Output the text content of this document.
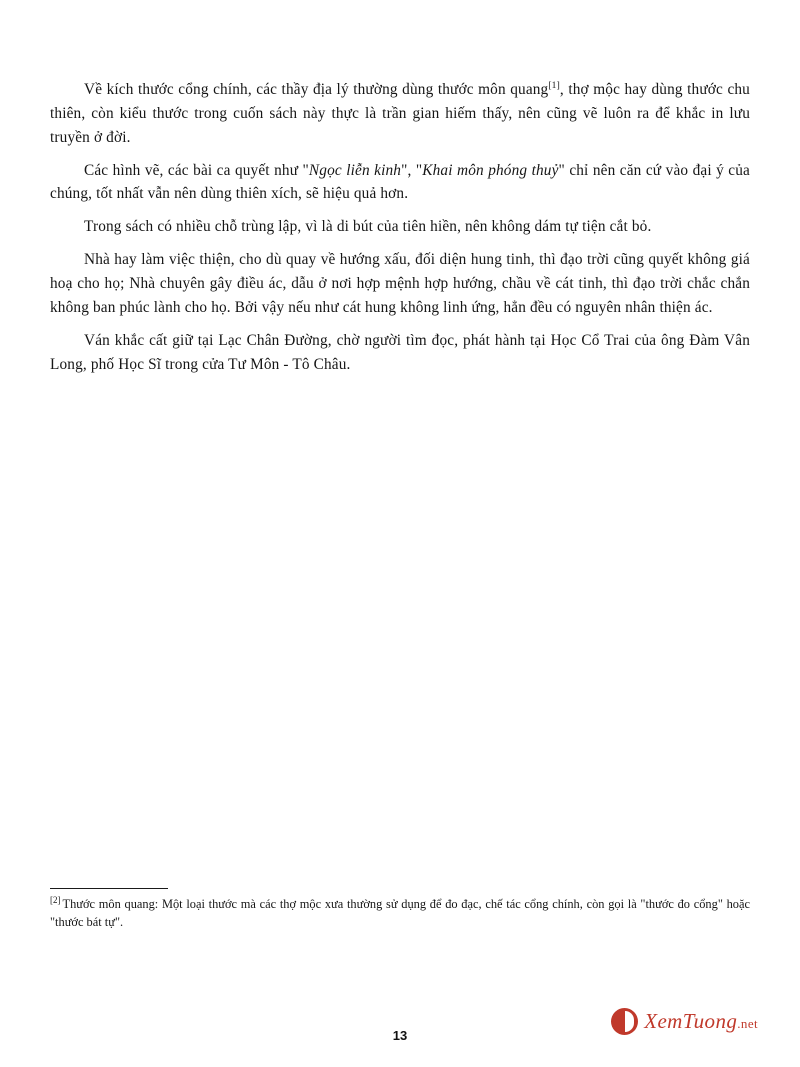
Về kích thước cổng chính, các thầy địa lý thường dùng thước môn quang[1], thợ mộc hay dùng thước chu thiên, còn kiểu thước trong cuốn sách này thực là trần gian hiếm thấy, nên cũng vẽ luôn ra để khắc in lưu truyền ở đời.

Các hình vẽ, các bài ca quyết như "Ngọc liễn kinh", "Khai môn phóng thuỷ" chỉ nên căn cứ vào đại ý của chúng, tốt nhất vẫn nên dùng thiên xích, sẽ hiệu quả hơn.

Trong sách có nhiều chỗ trùng lập, vì là di bút của tiên hiền, nên không dám tự tiện cắt bỏ.

Nhà hay làm việc thiện, cho dù quay về hướng xấu, đối diện hung tinh, thì đạo trời cũng quyết không giá hoạ cho họ; Nhà chuyên gây điều ác, dẫu ở nơi hợp mệnh hợp hướng, chầu về cát tinh, thì đạo trời chắc chắn không ban phúc lành cho họ. Bởi vậy nếu như cát hung không linh ứng, hẳn đều có nguyên nhân thiện ác.

Ván khắc cất giữ tại Lạc Chân Đường, chờ người tìm đọc, phát hành tại Học Cổ Trai của ông Đàm Vân Long, phố Học Sĩ trong cửa Tư Môn - Tô Châu.

[2] Thước môn quang: Một loại thước mà các thợ mộc xưa thường sử dụng để đo đạc, chế tác cổng chính, còn gọi là "thước đo cổng" hoặc "thước bát tự".
13
XemTuong.net
